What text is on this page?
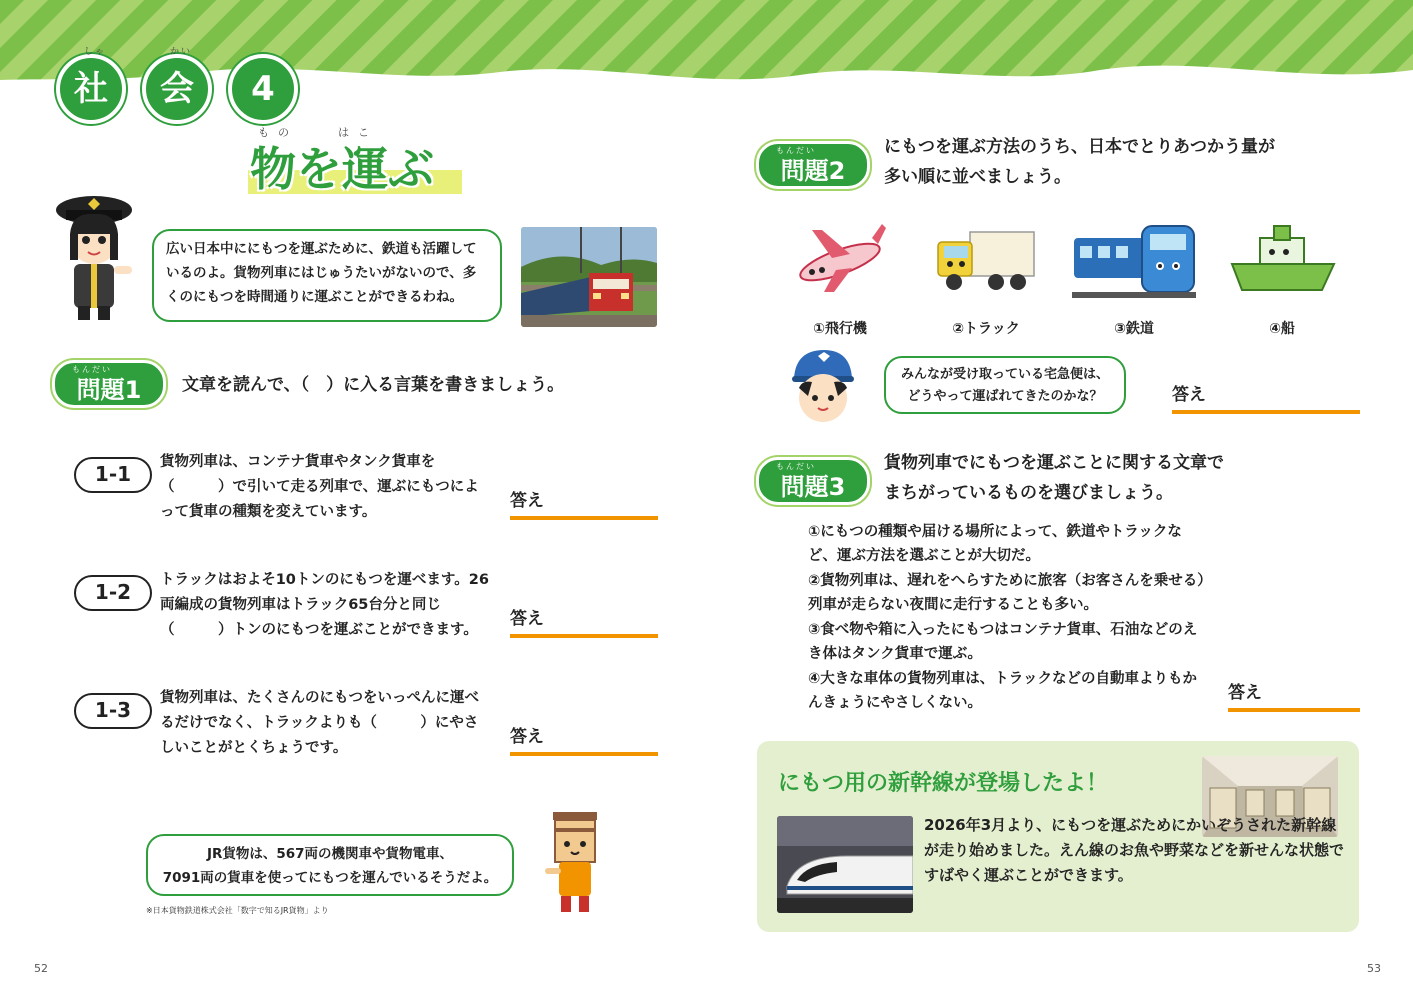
しゃ
社
かい
会	4
もの　　はこ
物を運ぶ
広い日本中ににもつを運ぶために、鉄道も活躍しているのよ。貨物列車にはじゅうたいがないので、多くのにもつを時間通りに運ぶことができるわね。
問題1
もんだい
文章を読んで、（　）に入る言葉を書きましょう。
1-1	貨物列車は、コンテナ貨車やタンク貨車を（　　　）で引いて走る列車で、運ぶにもつによって貨車の種類を変えています。
答え
1-2	トラックはおよそ10トンのにもつを運べます。26両編成の貨物列車はトラック65台分と同じ（　　　）トンのにもつを運ぶことができます。
答え
1-3	貨物列車は、たくさんのにもつをいっぺんに運べるだけでなく、トラックよりも（　　　）にやさしいことがとくちょうです。
答え
JR貨物は、567両の機関車や貨物電車、
7091両の貨車を使ってにもつを運んでいるそうだよ。
※日本貨物鉄道株式会社「数字で知るJR貨物」より
52
問題2
もんだい	にもつを運ぶ方法のうち、日本でとりあつかう量が
多い順に並べましょう。
①飛行機	②トラック	③鉄道	④船
みんなが受け取っている宅急便は、どうやって運ばれてきたのかな？	答え
問題3
もんだい	貨物列車でにもつを運ぶことに関する文章で
まちがっているものを選びましょう。
①にもつの種類や届ける場所によって、鉄道やトラックなど、運ぶ方法を選ぶことが大切だ。
②貨物列車は、遅れをへらすために旅客（お客さんを乗せる）列車が走らない夜間に走行することも多い。
③食べ物や箱に入ったにもつはコンテナ貨車、石油などのえき体はタンク貨車で運ぶ。
④大きな車体の貨物列車は、トラックなどの自動車よりもかんきょうにやさしくない。	答え
にもつ用の新幹線が登場したよ！
2026年3月より、にもつを運ぶためにかいぞうされた新幹線が走り始めました。えん線のお魚や野菜などを新せんな状態ですばやく運ぶことができます。
53
